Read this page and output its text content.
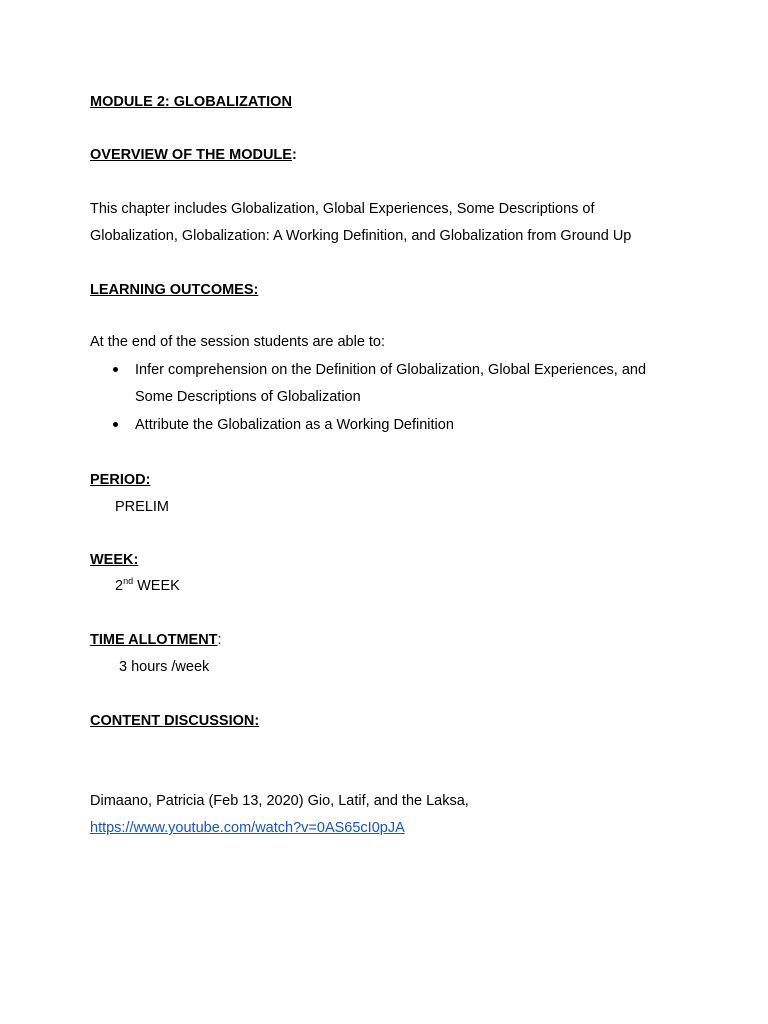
MODULE 2: GLOBALIZATION
OVERVIEW OF THE MODULE:
This chapter includes Globalization, Global Experiences, Some Descriptions of
Globalization, Globalization: A Working Definition, and Globalization from Ground Up
LEARNING OUTCOMES:
At the end of the session students are able to:
Infer comprehension on the Definition of Globalization, Global Experiences, and
Some Descriptions of Globalization
Attribute the Globalization as a Working Definition
PERIOD:
PRELIM
WEEK:
2nd WEEK
TIME ALLOTMENT:
3 hours /week
CONTENT DISCUSSION:
Dimaano, Patricia (Feb 13, 2020) Gio, Latif, and the Laksa,
https://www.youtube.com/watch?v=0AS65cI0pJA
